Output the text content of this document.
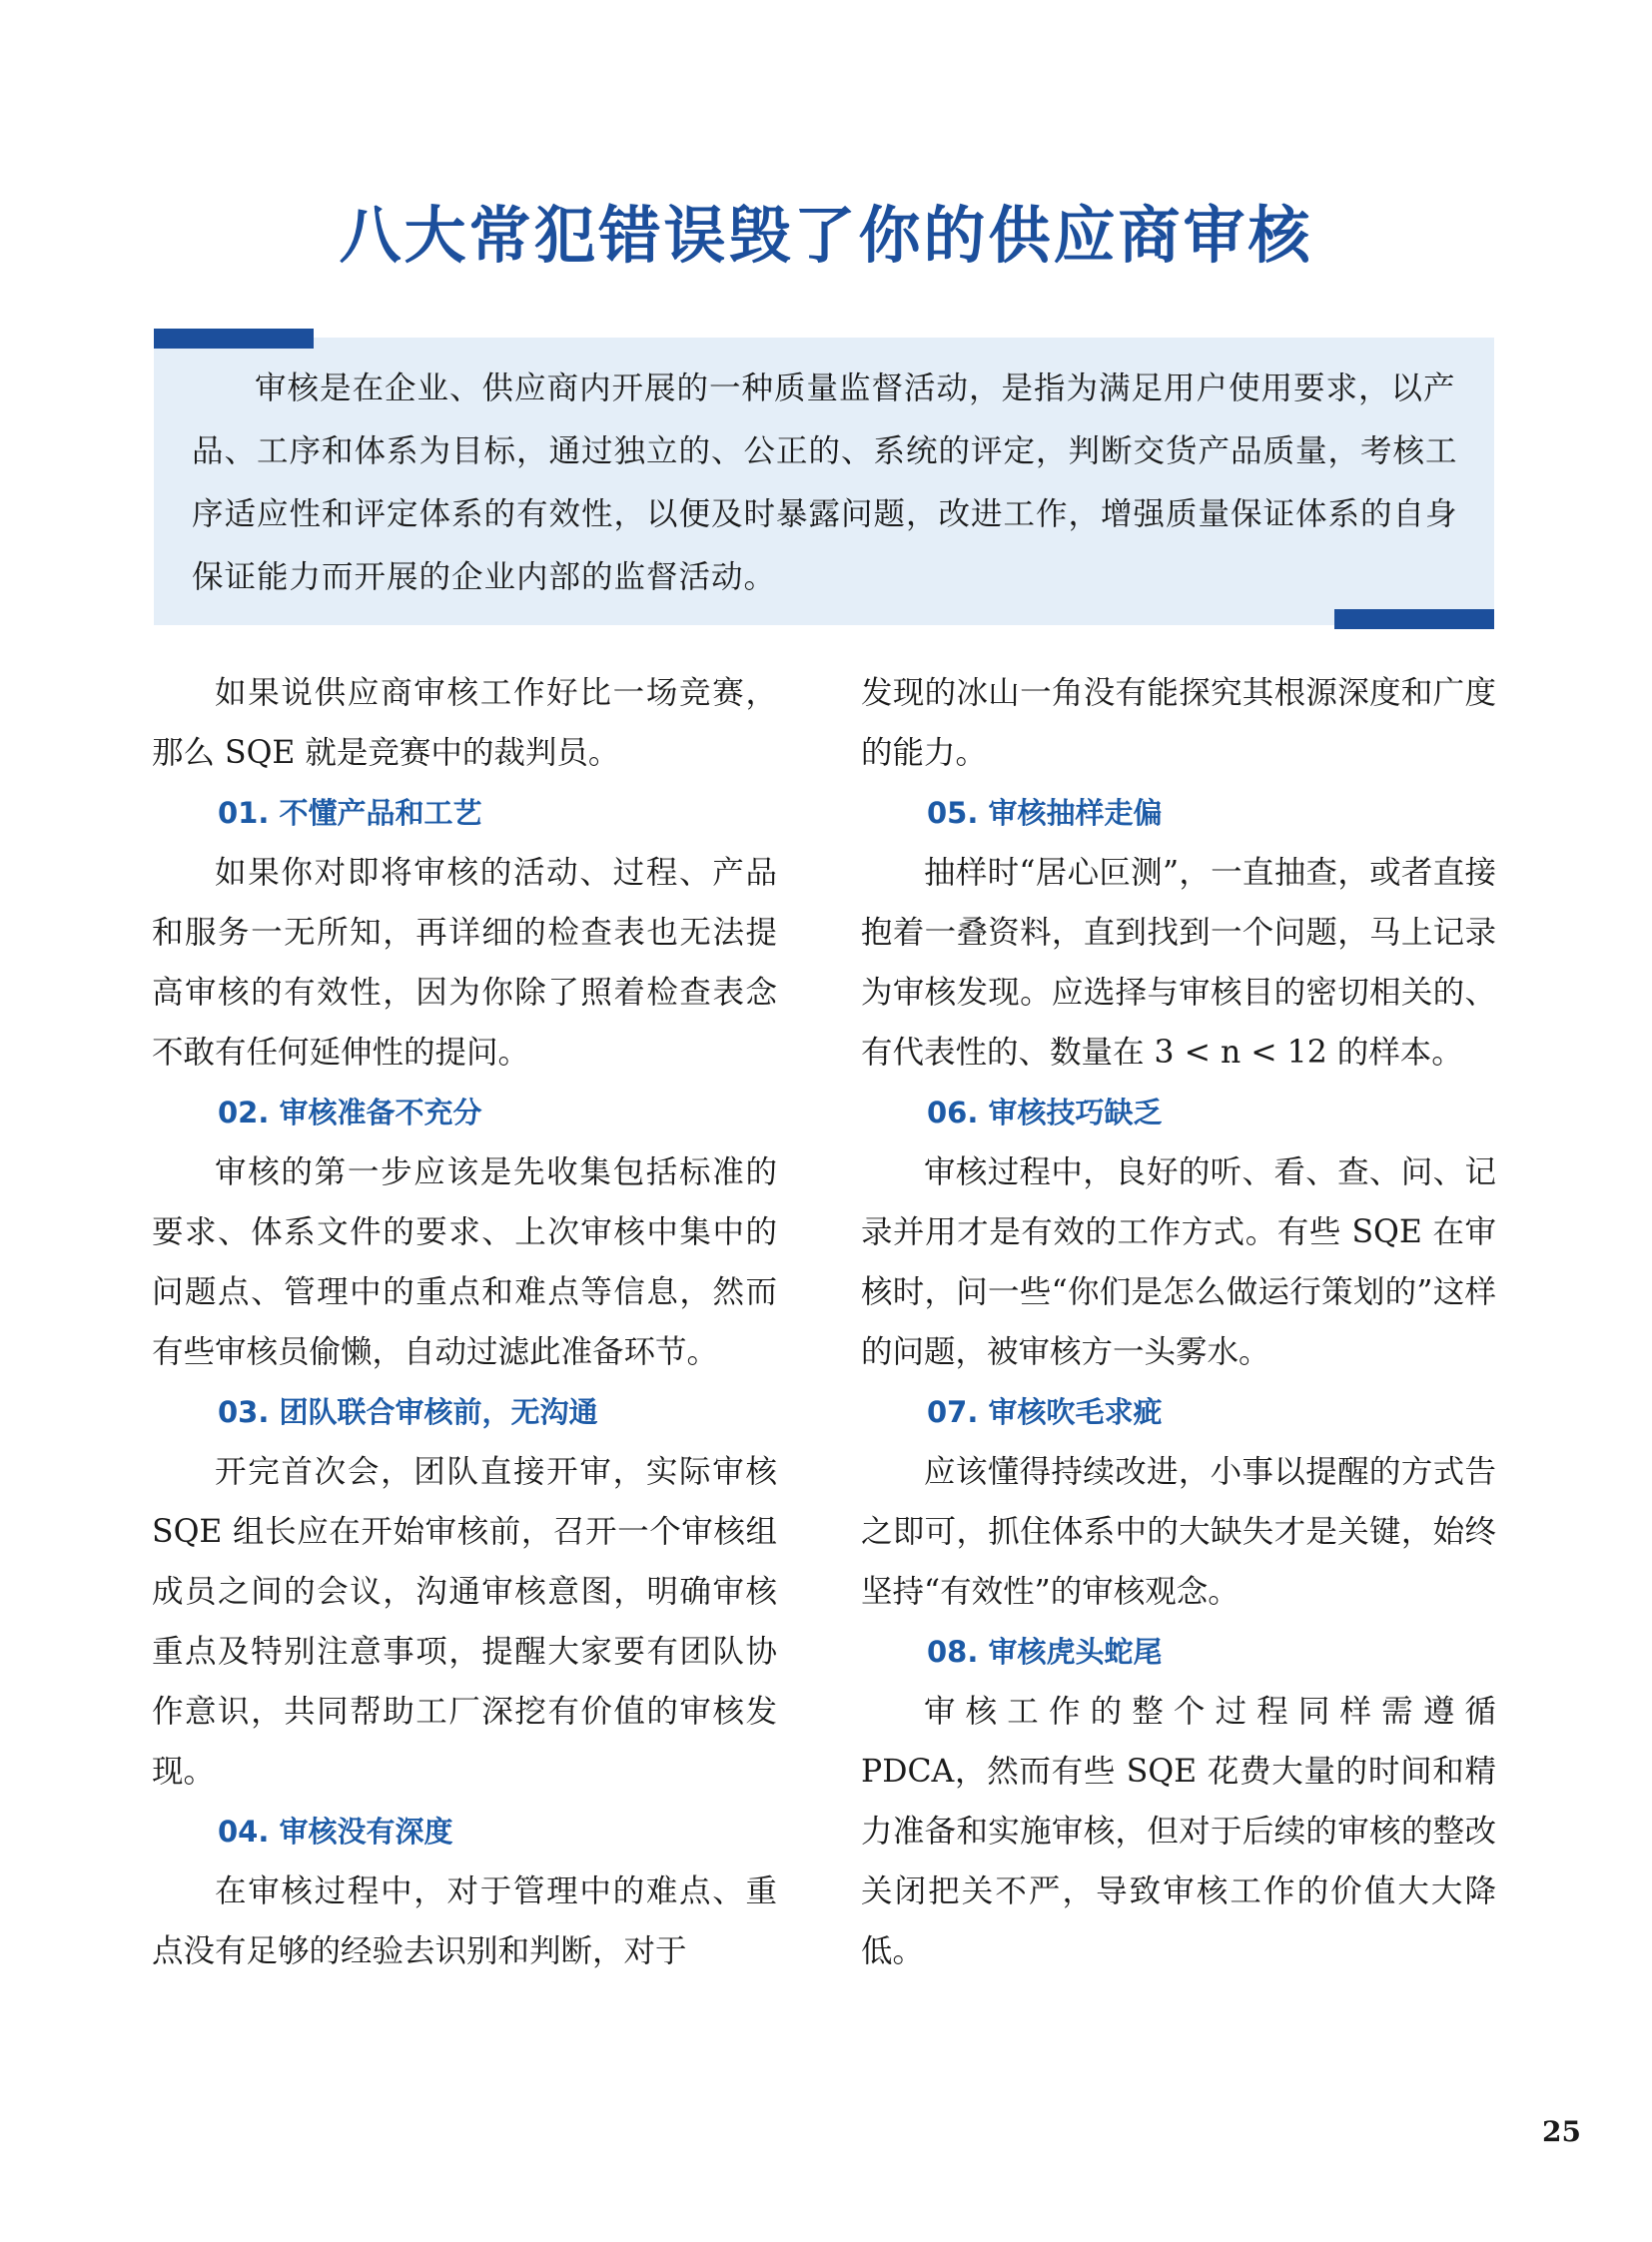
八大常犯错误毁了你的供应商审核

审核是在企业、供应商内开展的一种质量监督活动，是指为满足用户使用要求，以产品、工序和体系为目标，通过独立的、公正的、系统的评定，判断交货产品质量，考核工序适应性和评定体系的有效性，以便及时暴露问题，改进工作，增强质量保证体系的自身保证能力而开展的企业内部的监督活动。

如果说供应商审核工作好比一场竞赛，那么 SQE 就是竞赛中的裁判员。

01. 不懂产品和工艺

如果你对即将审核的活动、过程、产品和服务一无所知，再详细的检查表也无法提高审核的有效性，因为你除了照着检查表念不敢有任何延伸性的提问。

02. 审核准备不充分

审核的第一步应该是先收集包括标准的要求、体系文件的要求、上次审核中集中的问题点、管理中的重点和难点等信息，然而有些审核员偷懒，自动过滤此准备环节。

03. 团队联合审核前，无沟通

开完首次会，团队直接开审，实际审核 SQE 组长应在开始审核前，召开一个审核组成员之间的会议，沟通审核意图，明确审核重点及特别注意事项，提醒大家要有团队协作意识，共同帮助工厂深挖有价值的审核发现。

04. 审核没有深度

在审核过程中，对于管理中的难点、重点没有足够的经验去识别和判断，对于

发现的冰山一角没有能探究其根源深度和广度的能力。

05. 审核抽样走偏

抽样时“居心叵测”，一直抽查，或者直接抱着一叠资料，直到找到一个问题，马上记录为审核发现。应选择与审核目的密切相关的、有代表性的、数量在 3 < n < 12 的样本。

06. 审核技巧缺乏

审核过程中，良好的听、看、查、问、记录并用才是有效的工作方式。有些 SQE 在审核时，问一些“你们是怎么做运行策划的”这样的问题，被审核方一头雾水。

07. 审核吹毛求疵

应该懂得持续改进，小事以提醒的方式告之即可，抓住体系中的大缺失才是关键，始终坚持“有效性”的审核观念。

08. 审核虎头蛇尾

审核工作的整个过程同样需遵循 PDCA，然而有些 SQE 花费大量的时间和精力准备和实施审核，但对于后续的审核的整改关闭把关不严，导致审核工作的价值大大降低。

25
